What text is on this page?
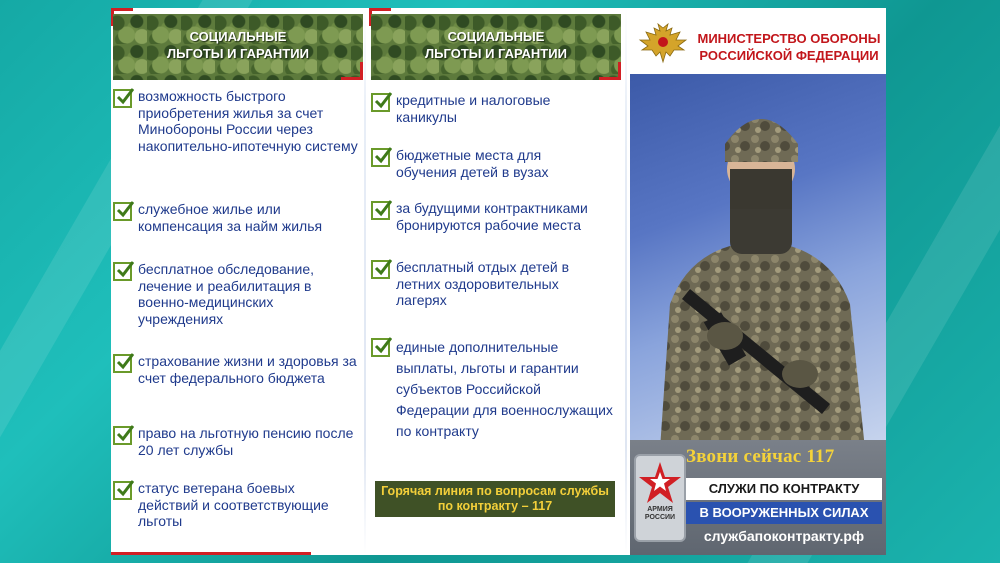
СОЦИАЛЬНЫЕ
ЛЬГОТЫ И ГАРАНТИИ
возможность быстрого приобретения жилья за счет Минобороны России через накопительно-ипотечную систему
служебное жилье или компенсация за найм жилья
бесплатное обследование, лечение и реабилитация в военно-медицинских учреждениях
страхование жизни и здоровья за счет федерального бюджета
право на льготную пенсию после 20 лет службы
статус ветерана боевых действий и соответствующие льготы
СОЦИАЛЬНЫЕ
ЛЬГОТЫ И ГАРАНТИИ
кредитные и налоговые каникулы
бюджетные места для обучения детей в вузах
за будущими контрактниками бронируются рабочие места
бесплатный отдых детей в летних оздоровительных лагерях
единые дополнительные выплаты, льготы и гарантии субъектов Российской Федерации для военнослужащих по контракту
Горячая линия по вопросам службы по контракту – 117
МИНИСТЕРСТВО ОБОРОНЫ РОССИЙСКОЙ ФЕДЕРАЦИИ
Звони сейчас 117
АРМИЯ РОССИИ
СЛУЖИ ПО КОНТРАКТУ
В ВООРУЖЕННЫХ СИЛАХ
службапоконтракту.рф
